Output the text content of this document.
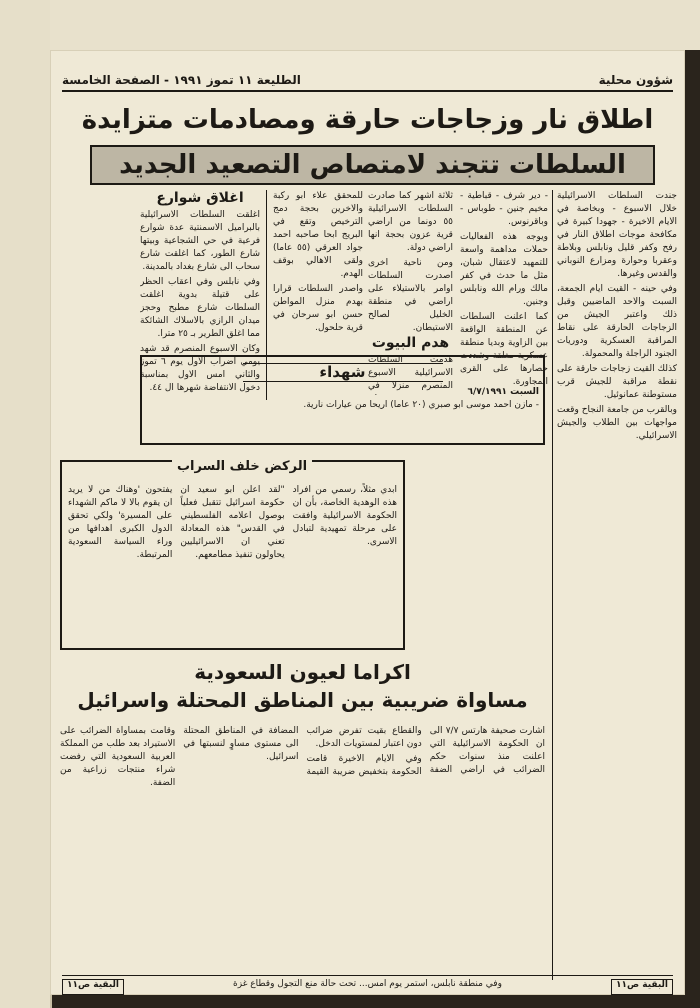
شؤون محلية
الطليعة ١١ تموز ١٩٩١ - الصفحة الخامسة
اطلاق نار وزجاجات حارقة ومصادمات متزايدة
السلطات تتجند لامتصاص التصعيد الجديد

جندت السلطات الاسرائيلية خلال الاسبوع - وبخاصة في الايام الاخيرة - جهودا كبيرة في مكافحة موجات اطلاق النار في رفح وكفر قليل ونابلس وبلاطة وعقربا وحوارة ومزارع النوباني والقدس وغيرها.

وفي حينه - القيت ايام الجمعة، السبت والاحد الماضيين وقبل ذلك واعتبر الجيش من الزجاجات الحارقة على نقاط المراقبة العسكرية ودوريات الجنود الراجلة والمحمولة.

كذلك القيت زجاجات حارقة على نقطة مراقبة للجيش قرب مستوطنة عمانوئيل.

وبالقرب من جامعة النجاح وقعت مواجهات بين الطلاب والجيش الاسرائيلي.

- دير شرف - قباطية - مخيم جنين - طوباس - وباقرنوس.

ويوجه هذه الفعاليات حملات مداهمة واسعة للتمهيد لاعتقال شبان، مثل ما حدث في كفر مالك ورام الله ونابلس وجنين.

كما اعلنت السلطات عن المنطقة الواقعة بين الزاوية وبديا منطقة عسكرية مغلقة وشددت حصارها على القرى المجاورة.

ثلاثة اشهر كما صادرت السلطات الاسرائيلية ٥٥ دونما من اراضي قرية عزون بحجة انها اراضي دولة.

ومن ناحية اخرى اصدرت السلطات اوامر بالاستيلاء على اراضي في منطقة الخليل لصالح الاستيطان.

هدم البيوت

هدمت السلطات الاسرائيلية الاسبوع المنصرم منزلا في

للمحقق علاء ابو ركبة والاخرين بحجة دمج الترخيص وتقع في البريج ابحا صاحبه احمد جواد العرقي (٥٥ عاما) ولقى الاهالي بوقف الهدم.

واصدر السلطات قرارا بهدم منزل المواطن حسن ابو سرحان في قرية حلحول.

اغلاق شوارع

اغلقت السلطات الاسرائيلية بالبراميل الاسمنتية عدة شوارع فرعية في حي الشجاعية وبيتها شارع الطور، كما اغلقت شارع سحاب الى شارع بغداد بالمدينة.

وفي نابلس وفي اعقاب الحظر على قتيلة بدوية اغلقت السلطات شارع مطبح وحجز ميدان الرازي بالاسلاك الشائكة مما اغلق الطرير بـ ٢٥ مترا.

وكان الاسبوع المنصرم قد شهد يومي اضراب الاول يوم ٦ تموز والثاني امس الاول بمناسبة دخول الانتفاضة شهرها ال ٤٤.

شهداء
السبت ٦/٧/١٩٩١
- مازن احمد موسى ابو صبري (٢٠ عاما) اريحا من عيارات نارية.
الركض خلف السراب
ابدي مثلاً، رسمي من افراد هذه الوهدية الخاصة، بأن ان الحكومة الاسرائيلية وافقت على مرحلة تمهيدية لتبادل الاسرى.
"لقد اعلن ابو سعيد ان حكومة اسرائيل تتقبل فعلياً بوصول اعلامه الفلسطيني في القدس" هذه المعادلة تعني ان الاسرائيليين يحاولون تنفيذ مطامعهم.
يفتحون 'وهناك من لا يريد ان يقوم بالا لا ماكم الشهداء على المسيرة' ولكي تحقق الدول الكبرى اهدافها من وراء السياسة السعودية المرتبطة.
اكراما لعيون السعودية
مساواة ضريبية بين المناطق المحتلة واسرائيل

اشارت صحيفة هارتس ٧/٧ الى ان الحكومة الاسرائيلية التي اعلنت منذ سنوات حكم الضرائب في اراضي الضفة والقطاع بقيت تفرض ضرائب دون اعتبار لمستويات الدخل.

وفي الايام الاخيرة قامت الحكومة بتخفيض ضريبة القيمة المضافة في المناطق المحتلة الى مستوى مساوٍ لنسبتها في اسرائيل.

وقامت بمساواة الضرائب على الاستيراد بعد طلب من المملكة العربية السعودية التي رفضت شراء منتجات زراعية من الضفة.

البقية ص١١
وفي منطقة نابلس، استمر يوم امس... تحت حالة منع التجول وقطاع غزة
البقية ص١١
